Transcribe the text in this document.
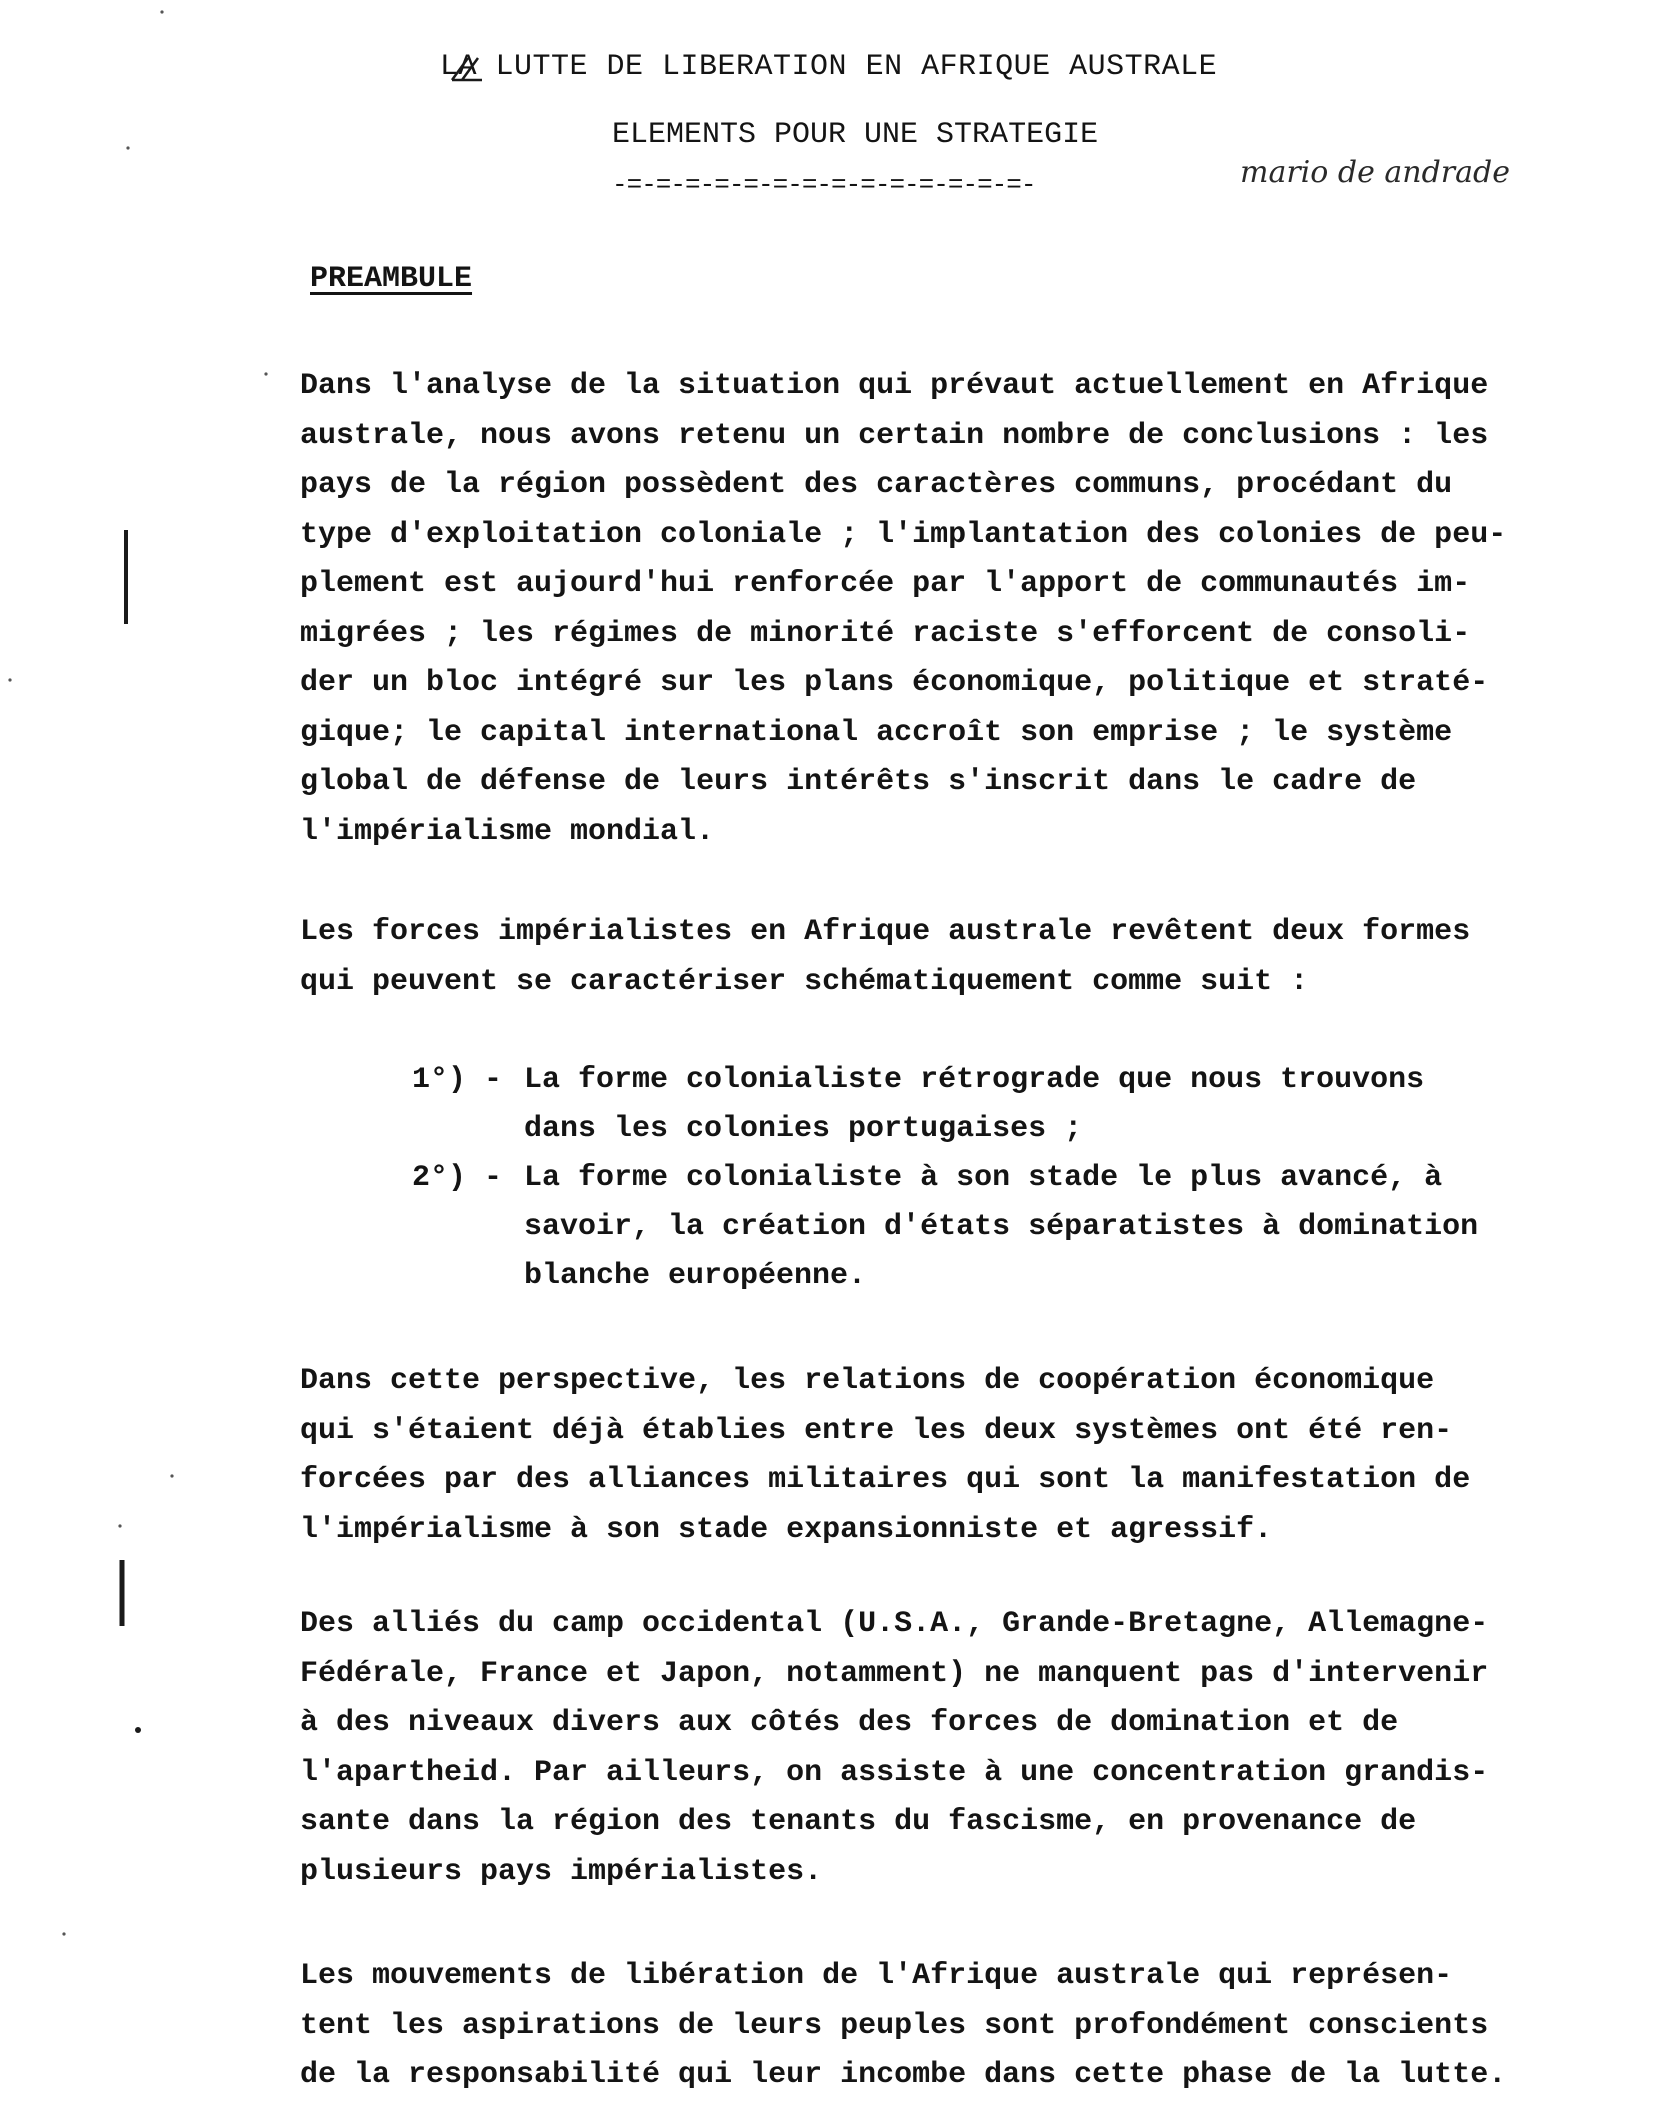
LA LUTTE DE LIBERATION EN AFRIQUE AUSTRALE
ELEMENTS POUR UNE STRATEGIE
-=-=-=-=-=-=-=-=-=-=-=-=-=-=-	mario de andrade
PREAMBULE
Dans l'analyse de la situation qui prévaut actuellement en Afrique
australe, nous avons retenu un certain nombre de conclusions : les
pays de la région possèdent des caractères communs, procédant du
type d'exploitation coloniale ; l'implantation des colonies de peu-
plement est aujourd'hui renforcée par l'apport de communautés im-
migrées ; les régimes de minorité raciste s'efforcent de consoli-
der un bloc intégré sur les plans économique, politique et straté-
gique; le capital international accroît son emprise ; le système
global de défense de leurs intérêts s'inscrit dans le cadre de
l'impérialisme mondial.
Les forces impérialistes en Afrique australe revêtent deux formes
qui peuvent se caractériser schématiquement comme suit :
1°) - La forme colonialiste rétrograde que nous trouvons
dans les colonies portugaises ;
2°) - La forme colonialiste à son stade le plus avancé, à
savoir, la création d'états séparatistes à domination
blanche européenne.
Dans cette perspective, les relations de coopération économique
qui s'étaient déjà établies entre les deux systèmes ont été ren-
forcées par des alliances militaires qui sont la manifestation de
l'impérialisme à son stade expansionniste et agressif.
Des alliés du camp occidental (U.S.A., Grande-Bretagne, Allemagne-
Fédérale, France et Japon, notamment) ne manquent pas d'intervenir
à des niveaux divers aux côtés des forces de domination et de
l'apartheid. Par ailleurs, on assiste à une concentration grandis-
sante dans la région des tenants du fascisme, en provenance de
plusieurs pays impérialistes.
Les mouvements de libération de l'Afrique australe qui représen-
tent les aspirations de leurs peuples sont profondément conscients
de la responsabilité qui leur incombe dans cette phase de la lutte.
